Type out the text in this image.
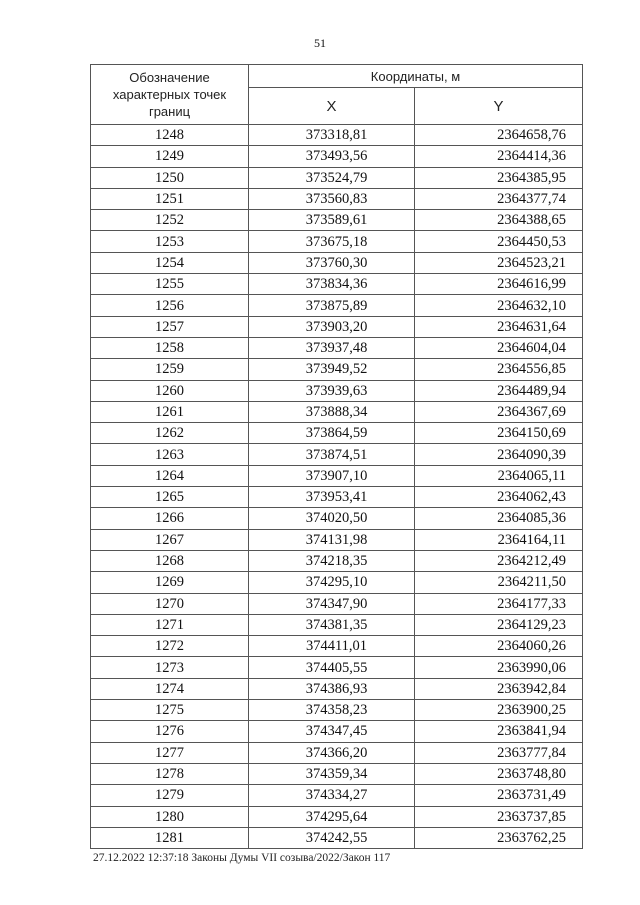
51
Обозначение характерных точек границ	Координаты, м	
	X	Y
1248	373318,81	2364658,76
1249	373493,56	2364414,36
1250	373524,79	2364385,95
1251	373560,83	2364377,74
1252	373589,61	2364388,65
1253	373675,18	2364450,53
1254	373760,30	2364523,21
1255	373834,36	2364616,99
1256	373875,89	2364632,10
1257	373903,20	2364631,64
1258	373937,48	2364604,04
1259	373949,52	2364556,85
1260	373939,63	2364489,94
1261	373888,34	2364367,69
1262	373864,59	2364150,69
1263	373874,51	2364090,39
1264	373907,10	2364065,11
1265	373953,41	2364062,43
1266	374020,50	2364085,36
1267	374131,98	2364164,11
1268	374218,35	2364212,49
1269	374295,10	2364211,50
1270	374347,90	2364177,33
1271	374381,35	2364129,23
1272	374411,01	2364060,26
1273	374405,55	2363990,06
1274	374386,93	2363942,84
1275	374358,23	2363900,25
1276	374347,45	2363841,94
1277	374366,20	2363777,84
1278	374359,34	2363748,80
1279	374334,27	2363731,49
1280	374295,64	2363737,85
1281	374242,55	2363762,25
27.12.2022 12:37:18 Законы Думы VII созыва/2022/Закон 117
